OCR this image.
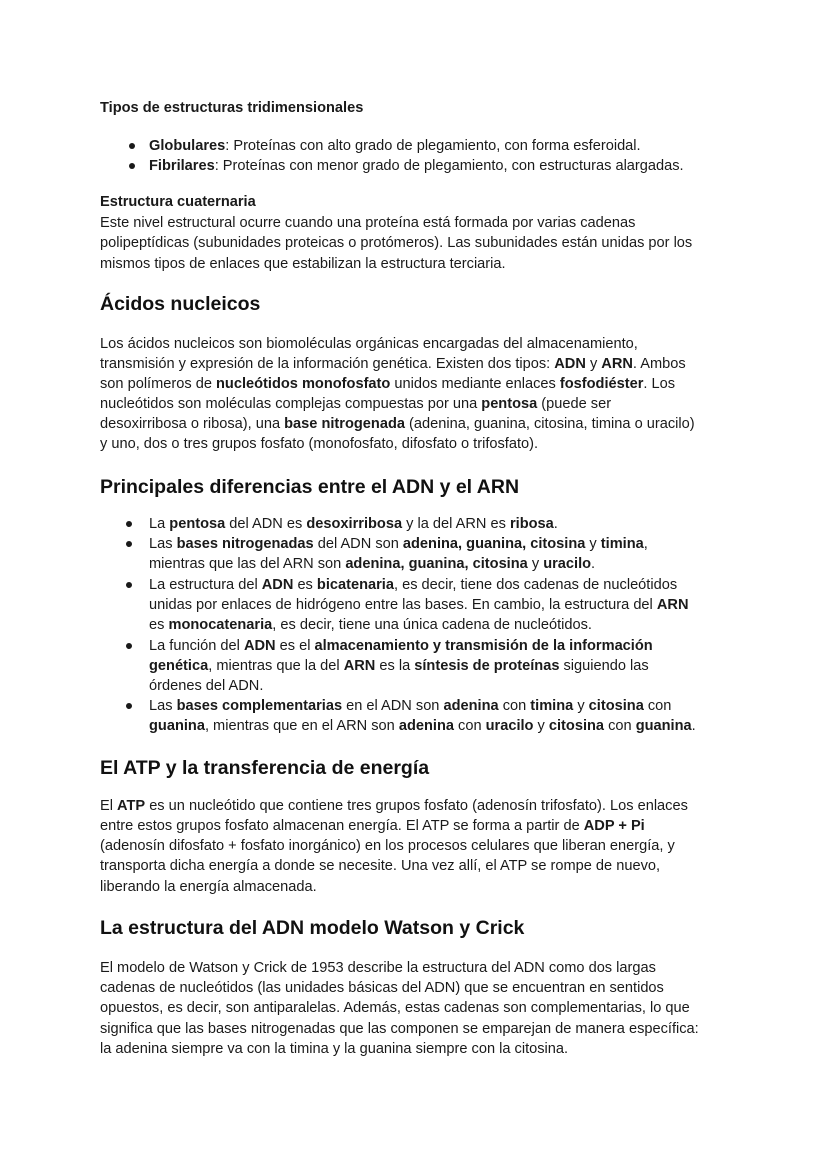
Tipos de estructuras tridimensionales
Globulares: Proteínas con alto grado de plegamiento, con forma esferoidal.
Fibrilares: Proteínas con menor grado de plegamiento, con estructuras alargadas.
Estructura cuaternaria
Este nivel estructural ocurre cuando una proteína está formada por varias cadenas
polipeptídicas (subunidades proteicas o protómeros). Las subunidades están unidas por los
mismos tipos de enlaces que estabilizan la estructura terciaria.
Ácidos nucleicos
Los ácidos nucleicos son biomoléculas orgánicas encargadas del almacenamiento,
transmisión y expresión de la información genética. Existen dos tipos: ADN y ARN. Ambos
son polímeros de nucleótidos monofosfato unidos mediante enlaces fosfodiéster. Los
nucleótidos son moléculas complejas compuestas por una pentosa (puede ser
desoxirribosa o ribosa), una base nitrogenada (adenina, guanina, citosina, timina o uracilo)
y uno, dos o tres grupos fosfato (monofosfato, difosfato o trifosfato).
Principales diferencias entre el ADN y el ARN
La pentosa del ADN es desoxirribosa y la del ARN es ribosa.
Las bases nitrogenadas del ADN son adenina, guanina, citosina y timina,
mientras que las del ARN son adenina, guanina, citosina y uracilo.
La estructura del ADN es bicatenaria, es decir, tiene dos cadenas de nucleótidos
unidas por enlaces de hidrógeno entre las bases. En cambio, la estructura del ARN
es monocatenaria, es decir, tiene una única cadena de nucleótidos.
La función del ADN es el almacenamiento y transmisión de la información
genética, mientras que la del ARN es la síntesis de proteínas siguiendo las
órdenes del ADN.
Las bases complementarias en el ADN son adenina con timina y citosina con
guanina, mientras que en el ARN son adenina con uracilo y citosina con guanina.
El ATP y la transferencia de energía
El ATP es un nucleótido que contiene tres grupos fosfato (adenosín trifosfato). Los enlaces
entre estos grupos fosfato almacenan energía. El ATP se forma a partir de ADP + Pi
(adenosín difosfato + fosfato inorgánico) en los procesos celulares que liberan energía, y
transporta dicha energía a donde se necesite. Una vez allí, el ATP se rompe de nuevo,
liberando la energía almacenada.
La estructura del ADN modelo Watson y Crick
El modelo de Watson y Crick de 1953 describe la estructura del ADN como dos largas
cadenas de nucleótidos (las unidades básicas del ADN) que se encuentran en sentidos
opuestos, es decir, son antiparalelas. Además, estas cadenas son complementarias, lo que
significa que las bases nitrogenadas que las componen se emparejan de manera específica:
la adenina siempre va con la timina y la guanina siempre con la citosina.
